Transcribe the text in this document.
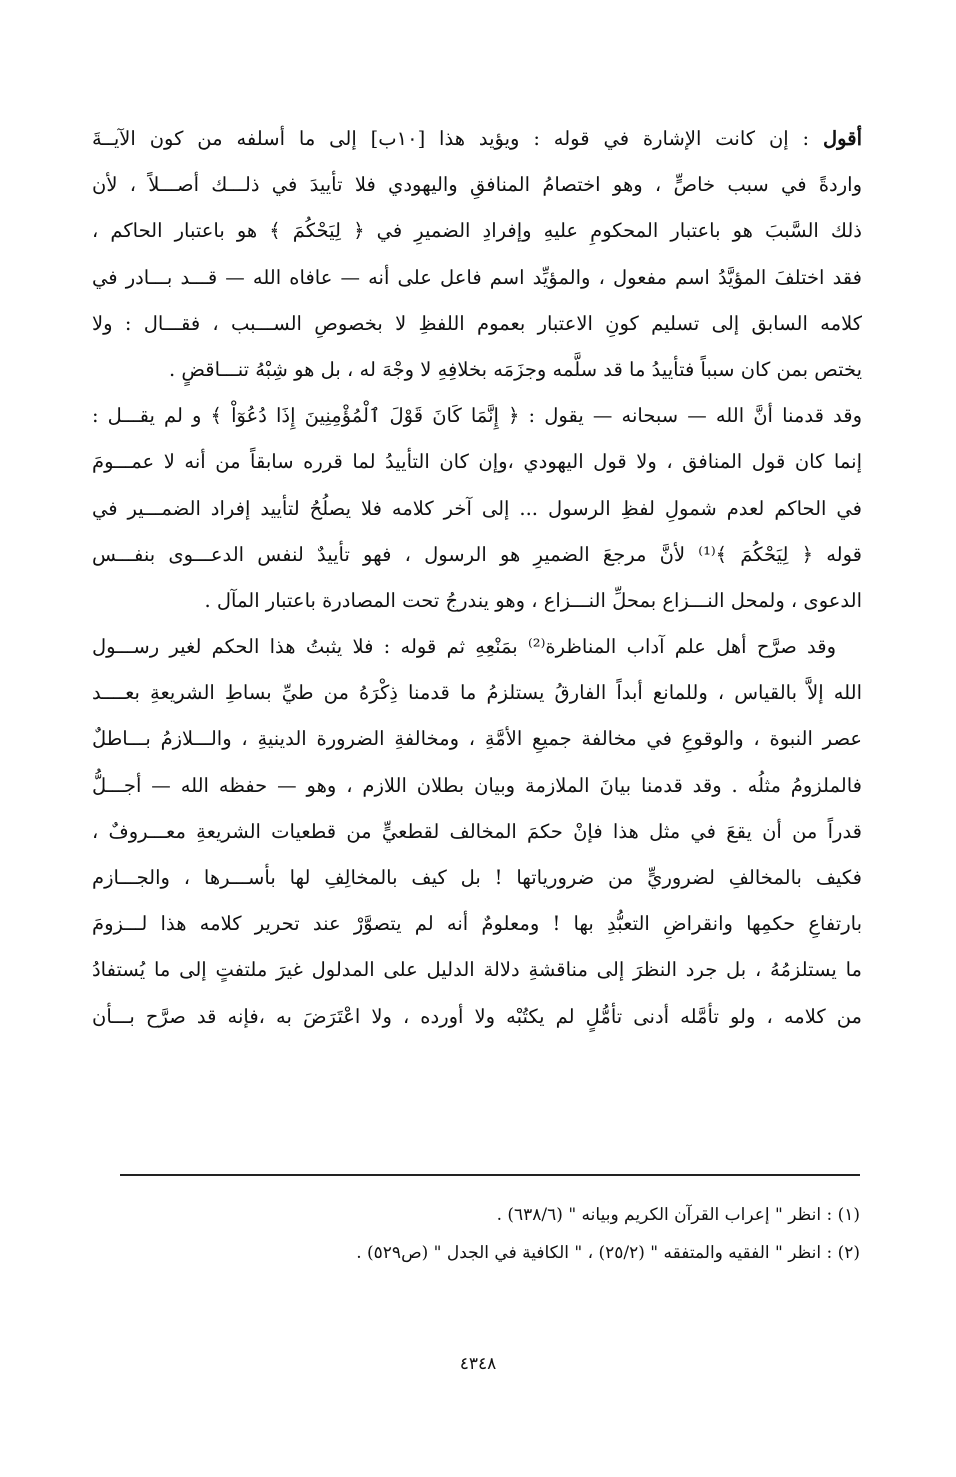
أقول : إن كانت الإشارة في قوله : ويؤيد هذا [١٠ب] إلى ما أسلفه من كون الآيــةَ
واردةً في سبب خاصٍّ ، وهو اختصامُ المنافقِ واليهودي فلا تأييدَ في ذلـــك أصـــلاً ، لأن
ذلك السَّببَ هو باعتبار المحكومِ عليهِ وإفرادِ الضميرِ في ﴿ لِيَحْكُمَ ﴾ هو باعتبار الحاكم ،
فقد اختلفَ المؤيَّدُ اسم مفعول ، والمؤيِّد اسم فاعل على أنه — عافاه الله — قـــد بـــادر في
كلامه السابق إلى تسليم كونِ الاعتبار بعموم اللفظِ لا بخصوصِ الســـبب ، فقـــال : ولا
يختص بمن كان سبباً فتأييدُ ما قد سلَّمه وجزَمَه بخلافِهِ لا وجْهَ له ، بل هو شِبْهُ تنـــاقضٍ .
وقد قدمنا أنَّ الله — سبحانه — يقول : ﴿ إِنَّمَا كَانَ قَوْلَ ٱلْمُؤْمِنِينَ إِذَا دُعُوٓاْ ﴾ و لم يقـــل :
إنما كان قول المنافق ، ولا قول اليهودي ،وإن كان التأييدُ لما قرره سابقاً من أنه لا عمـــومَ
في الحاكم لعدم شمولِ لفظِ الرسول ... إلى آخر كلامه فلا يصلُحُ لتأييد إفراد الضمـــير في
قوله ﴿ لِيَحْكُمَ ﴾⁽¹⁾ لأنَّ مرجعَ الضميرِ هو الرسول ، فهو تأييدٌ لنفس الدعـــوى بنفـــس
الدعوى ، ولمحل النـــزاع بمحلِّ النـــزاع ، وهو يندرجُ تحت المصادرة باعتبار المآل .
وقد صرَّح أهل علم آداب المناظرة⁽²⁾ بمَنْعِهِ ثم قوله : فلا يثبتُ هذا الحكم لغير رســـول
الله إلاَّ بالقياس ، وللمانع أبداً الفارقُ يستلزمُ ما قدمنا ذِكْرَهُ من طيِّ بساطِ الشريعةِ بعــــد
عصر النبوة ، والوقوعِ في مخالفة جميعِ الأمَّةِ ، ومخالفةِ الضرورة الدينيةِ ، والـــلازمُ بـــاطلٌ
فالملزومُ مثلُه . وقد قدمنا بيانَ الملازمة وبيان بطلان اللازم ، وهو — حفظه الله — أجـــلُّ
قدراً من أن يقعَ في مثل هذا فإنْ حكمَ المخالف لقطعيٍّ من قطعيات الشريعةِ معـــروفٌ ،
فكيف بالمخالفِ لضروريٍّ من ضرورياتها ! بل كيف بالمخالِفِ لها بأســـرها ، والجـــازم
بارتفاعِ حكمِها وانقراضِ التعبُّدِ بها ! ومعلومٌ أنه لم يتصوَّرْ عند تحرير كلامه هذا لـــزومَ
ما يستلزمُهُ ، بل جرد النظرَ إلى مناقشةِ دلالة الدليل على المدلول غيرَ ملتفتٍ إلى ما يُستفادُ
من كلامه ، ولو تأمَّله أدنى تأمُّلٍ لم يكتُبْه ولا أورده ، ولا اعْتَرَضَ به ،فإنه قد صرَّح بـــأن
(١) : انظر " إعراب القرآن الكريم وبيانه " (٦٣٨/٦) .
(٢) : انظر " الفقيه والمتفقه " (٢٥/٢) ، " الكافية في الجدل " (ص٥٢٩) .
٤٣٤٨
